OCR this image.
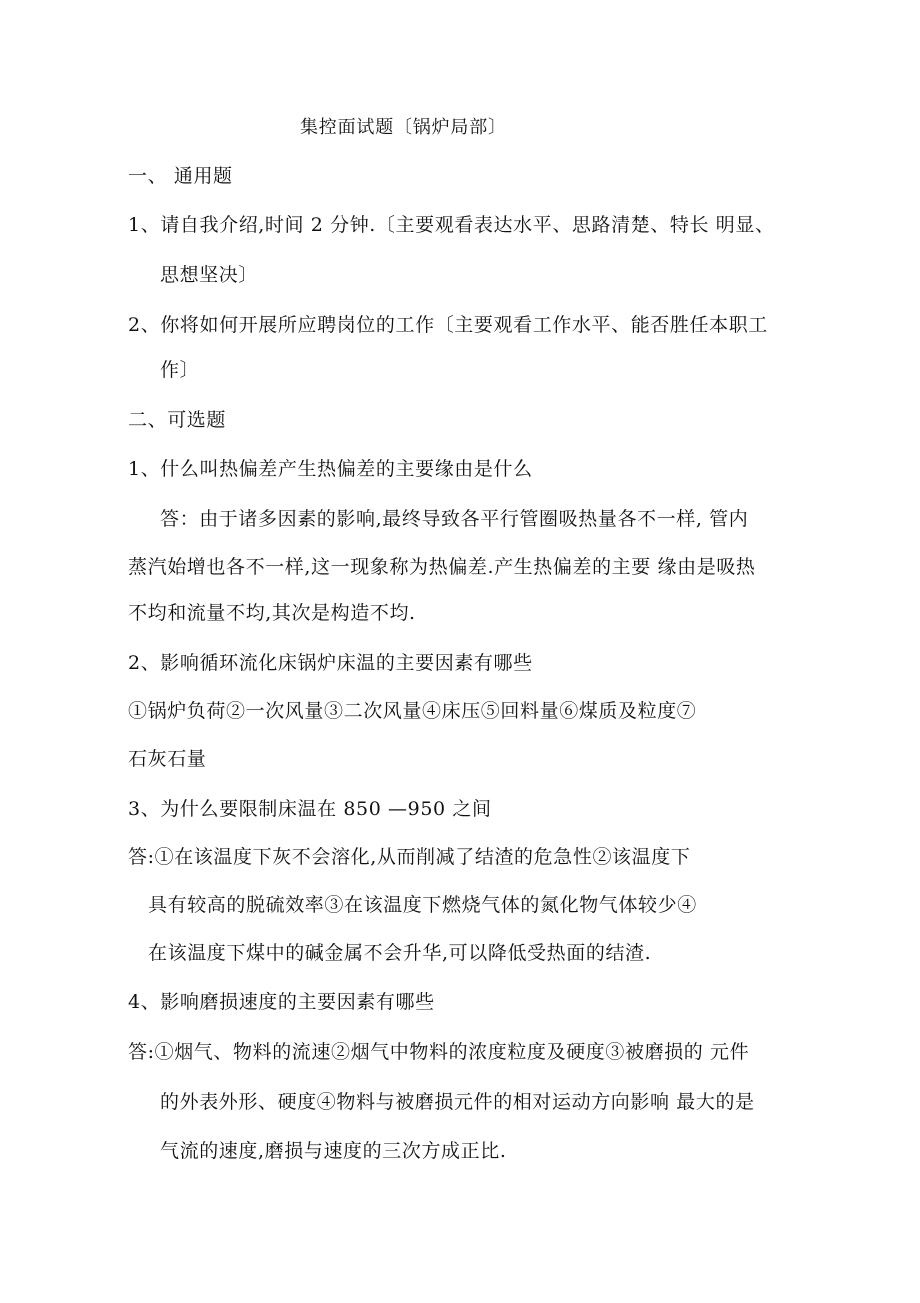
集控面试题〔锅炉局部〕
一、 通用题
1、请自我介绍,时间 2 分钟.〔主要观看表达水平、思路清楚、特长 明显、
思想坚决〕
2、你将如何开展所应聘岗位的工作〔主要观看工作水平、能否胜任本职工
作〕
二、可选题
1、什么叫热偏差产生热偏差的主要缘由是什么
答：由于诸多因素的影响,最终导致各平行管圈吸热量各不一样, 管内
蒸汽始增也各不一样,这一现象称为热偏差.产生热偏差的主要 缘由是吸热
不均和流量不均,其次是构造不均.
2、影响循环流化床锅炉床温的主要因素有哪些
①锅炉负荷②一次风量③二次风量④床压⑤回料量⑥煤质及粒度⑦
石灰石量
3、为什么要限制床温在 850 —950 之间
答:①在该温度下灰不会溶化,从而削减了结渣的危急性②该温度下
具有较高的脱硫效率③在该温度下燃烧气体的氮化物气体较少④
在该温度下煤中的碱金属不会升华,可以降低受热面的结渣.
4、影响磨损速度的主要因素有哪些
答:①烟气、物料的流速②烟气中物料的浓度粒度及硬度③被磨损的 元件
的外表外形、硬度④物料与被磨损元件的相对运动方向影响 最大的是
气流的速度,磨损与速度的三次方成正比.
